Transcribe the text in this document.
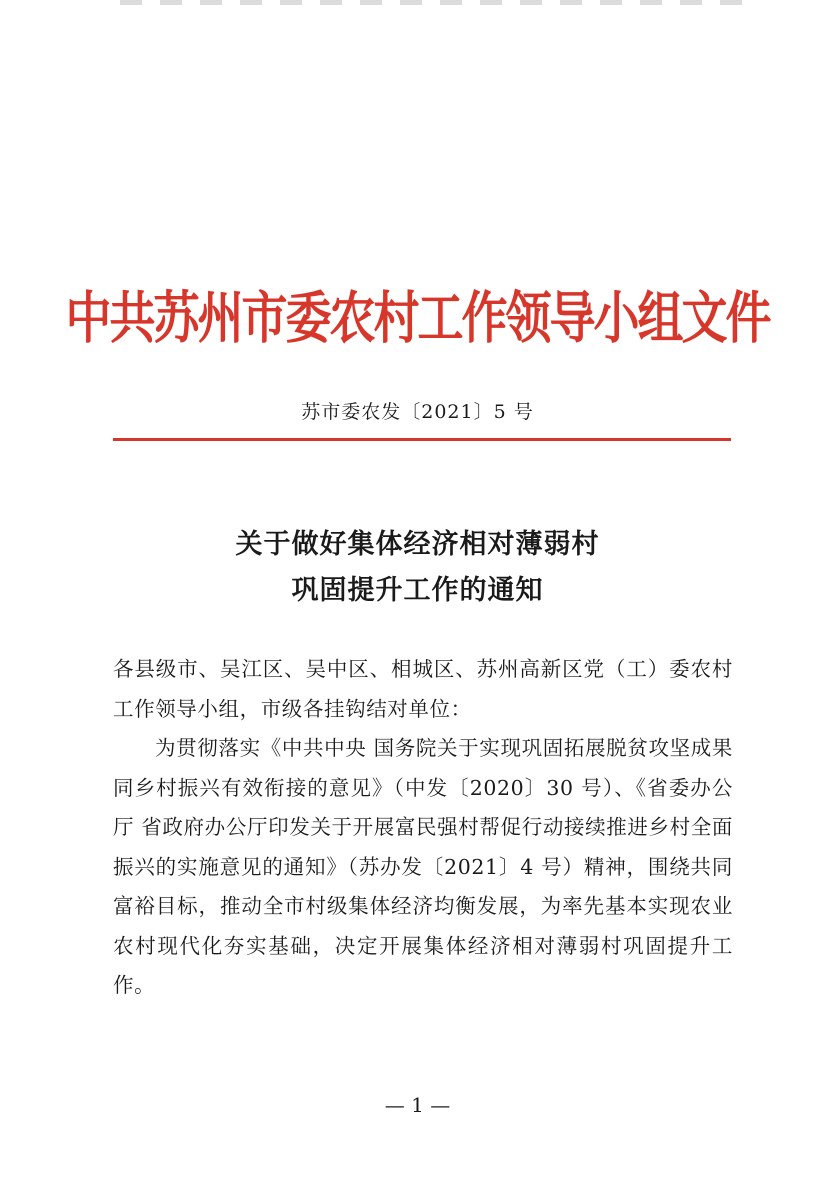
中共苏州市委农村工作领导小组文件
苏市委农发〔2021〕5 号
关于做好集体经济相对薄弱村
巩固提升工作的通知

各县级市、吴江区、吴中区、相城区、苏州高新区党（工）委农村工作领导小组，市级各挂钩结对单位：

为贯彻落实《中共中央 国务院关于实现巩固拓展脱贫攻坚成果同乡村振兴有效衔接的意见》（中发〔2020〕30 号）、《省委办公厅 省政府办公厅印发关于开展富民强村帮促行动接续推进乡村全面振兴的实施意见的通知》（苏办发〔2021〕4 号）精神，围绕共同富裕目标，推动全市村级集体经济均衡发展，为率先基本实现农业农村现代化夯实基础，决定开展集体经济相对薄弱村巩固提升工作。

— 1 —
